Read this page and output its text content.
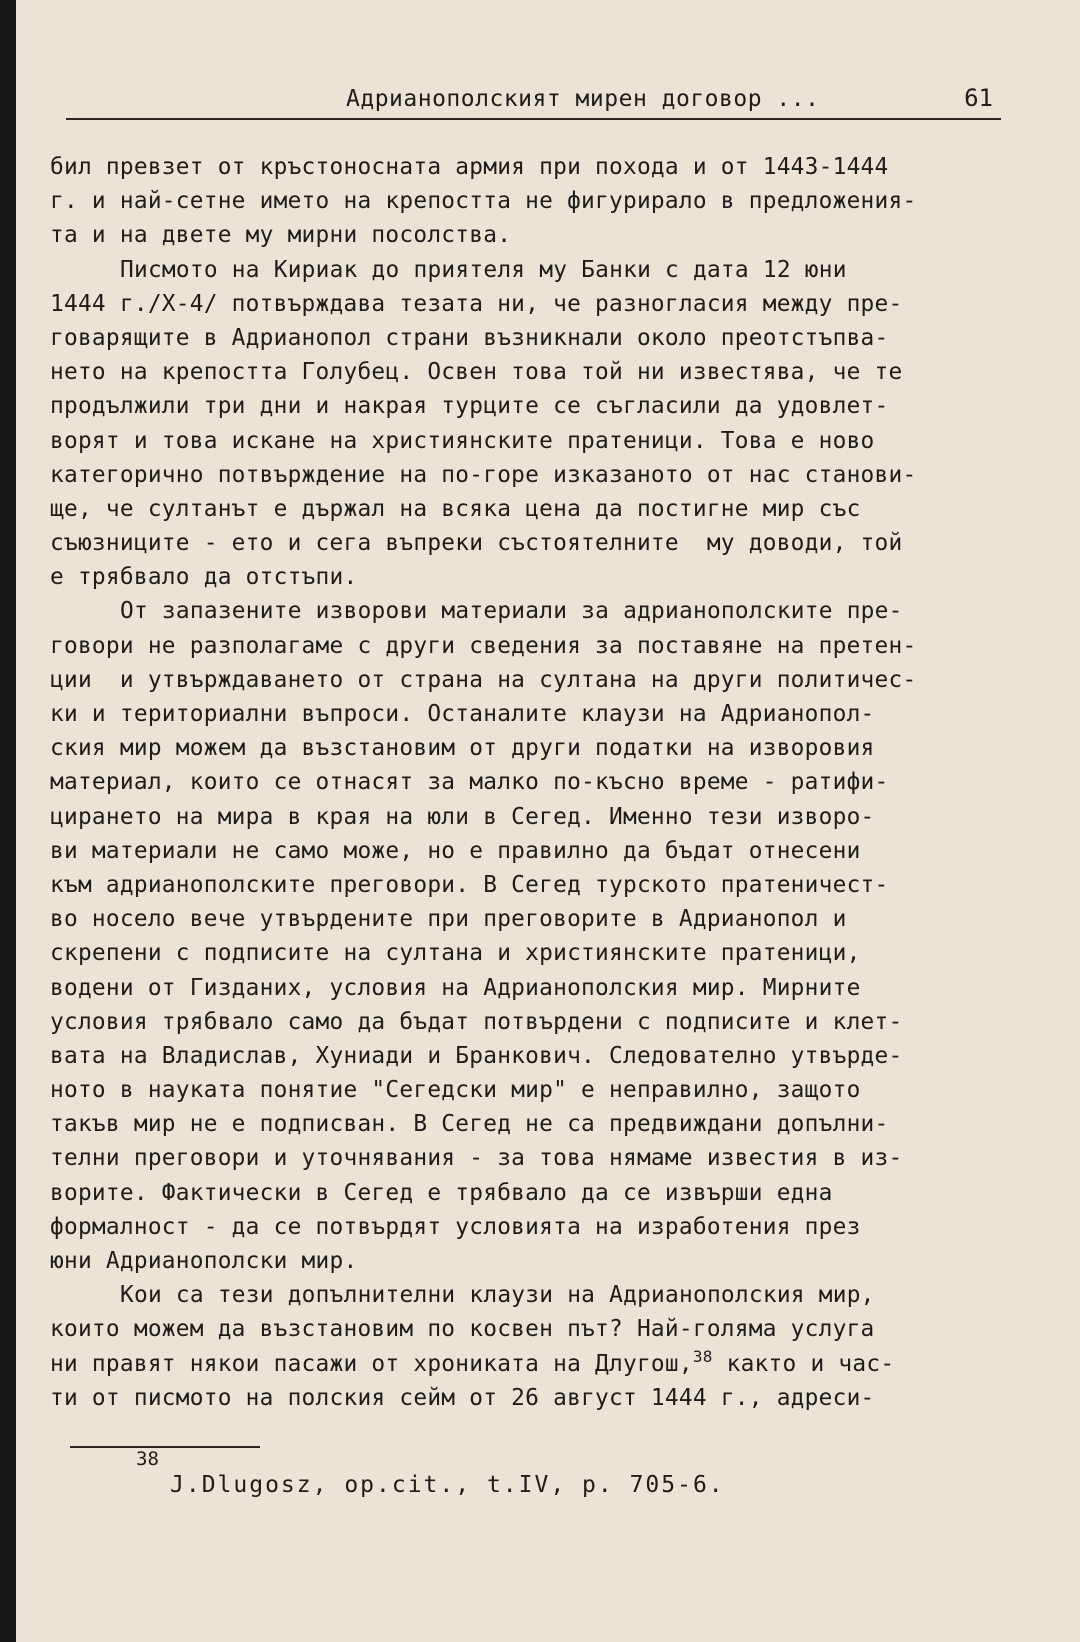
Адрианополският мирен договор ...	61
бил превзет от кръстоносната армия при похода и от 1443-1444
г. и най-сетне името на крепостта не фигурирало в предложения-
та и на двете му мирни посолства.
Писмото на Кириак до приятеля му Банки с дата 12 юни
1444 г./Х-4/ потвърждава тезата ни, че разногласия между пре-
говарящите в Адрианопол страни възникнали около преотстъпва-
нето на крепостта Голубец. Освен това той ни известява, че те
продължили три дни и накрая турците се съгласили да удовлет-
ворят и това искане на християнските пратеници. Това е ново
категорично потвърждение на по-горе изказаното от нас станови-
ще, че султанът е държал на всяка цена да постигне мир със
съюзниците - ето и сега въпреки състоятелните  му доводи, той
е трябвало да отстъпи.
От запазените изворови материали за адрианополските пре-
говори не разполагаме с други сведения за поставяне на претен-
ции  и утвърждаването от страна на султана на други политичес-
ки и териториални въпроси. Останалите клаузи на Адрианопол-
ския мир можем да възстановим от други податки на изворовия
материал, които се отнасят за малко по-късно време - ратифи-
цирането на мира в края на юли в Сегед. Именно тези изворо-
ви материали не само може, но е правилно да бъдат отнесени
към адрианополските преговори. В Сегед турското пратеничест-
во носело вече утвърдените при преговорите в Адрианопол и
скрепени с подписите на султана и християнските пратеници,
водени от Гизданих, условия на Адрианополския мир. Мирните
условия трябвало само да бъдат потвърдени с подписите и клет-
вата на Владислав, Хуниади и Бранкович. Следователно утвърде-
ното в науката понятие "Сегедски мир" е неправилно, защото
такъв мир не е подписван. В Сегед не са предвиждани допълни-
телни преговори и уточнявания - за това нямаме известия в из-
ворите. Фактически в Сегед е трябвало да се извърши една
формалност - да се потвърдят условията на изработения през
юни Адрианополски мир.
Кои са тези допълнителни клаузи на Адрианополския мир,
които можем да възстановим по косвен път? Най-голяма услуга
ни правят някои пасажи от хрониката на Длугош,$^{38}$ както и час-
ти от писмото на полския сейм от 26 август 1444 г., адреси-
38
J.Dlugosz, op.cit., t.IV, p. 705-6.
